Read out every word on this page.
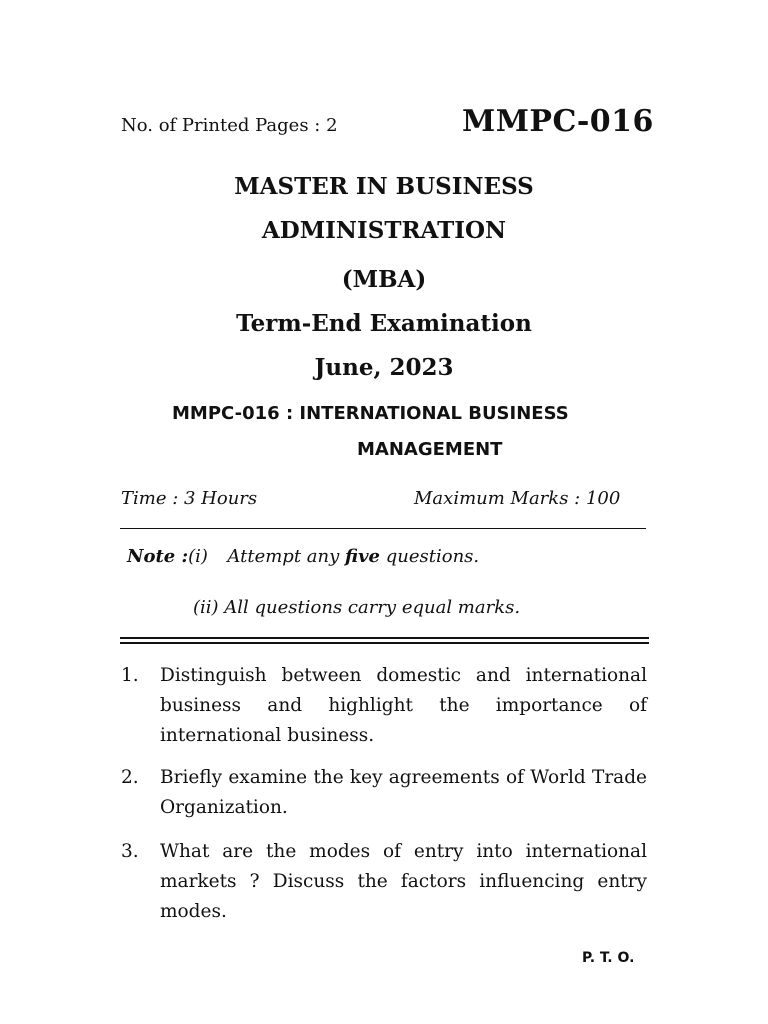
No. of Printed Pages : 2	MMPC-016
MASTER IN BUSINESS
ADMINISTRATION
(MBA)
Term-End Examination
June, 2023
MMPC-016 : INTERNATIONAL BUSINESS
MANAGEMENT
Time : 3 Hours	Maximum Marks : 100
Note : (i) Attempt any five questions.
(ii) All questions carry equal marks.
1.	Distinguish between domestic and international business and highlight the importance of international business.
2.	Briefly examine the key agreements of World Trade Organization.
3.	What are the modes of entry into international markets ? Discuss the factors influencing entry modes.
P. T. O.
